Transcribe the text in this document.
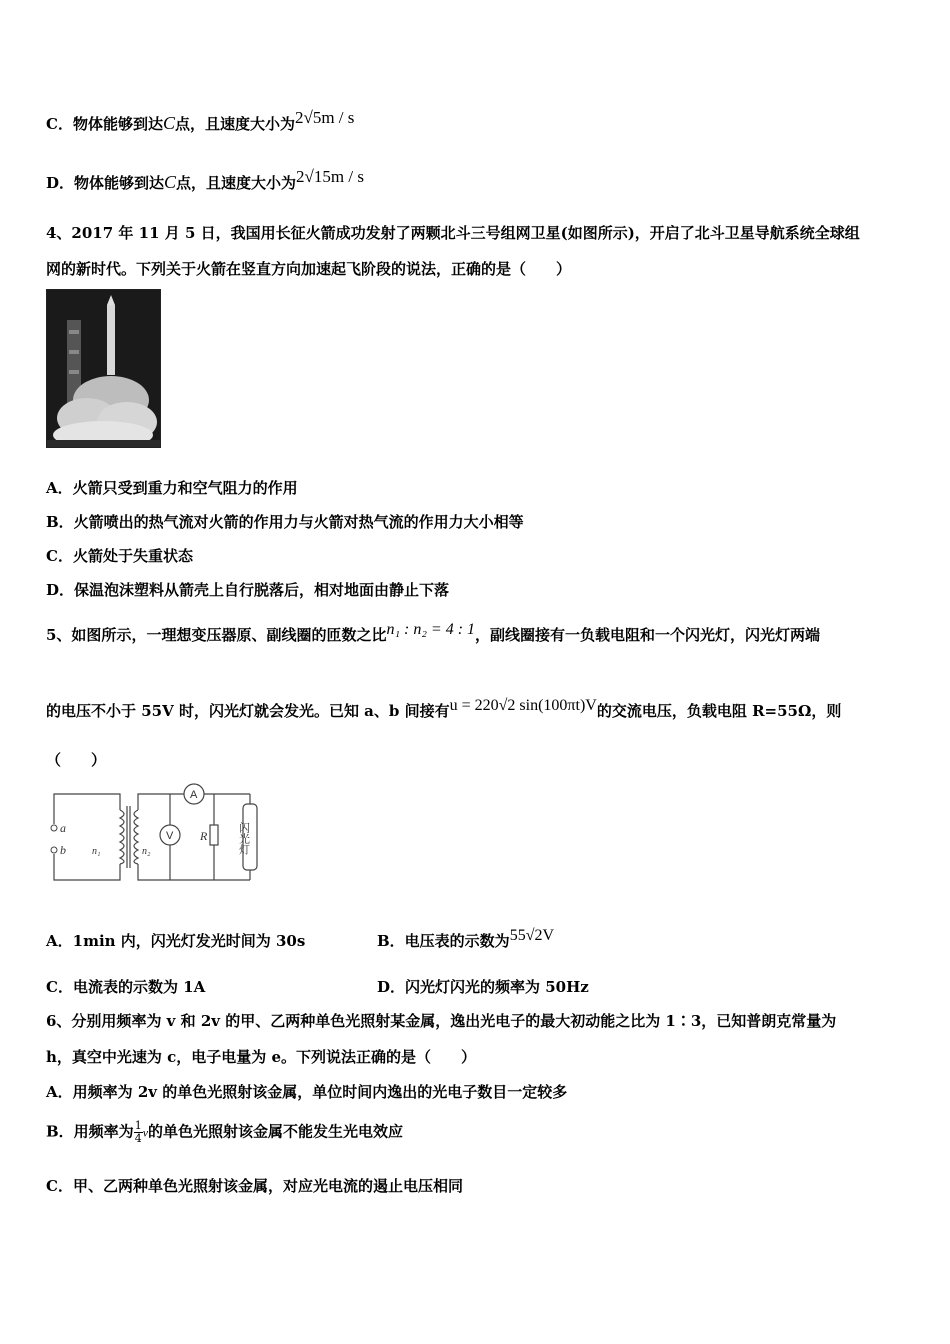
C．物体能够到达C点，且速度大小为2√5m / s
D．物体能够到达C点，且速度大小为2√15m / s
4、2017 年 11 月 5 日，我国用长征火箭成功发射了两颗北斗三号组网卫星(如图所示)，开启了北斗卫星导航系统全球组
网的新时代。下列关于火箭在竖直方向加速起飞阶段的说法，正确的是（　　）
A．火箭只受到重力和空气阻力的作用
B．火箭喷出的热气流对火箭的作用力与火箭对热气流的作用力大小相等
C．火箭处于失重状态
D．保温泡沫塑料从箭壳上自行脱落后，相对地面由静止下落
5、如图所示，一理想变压器原、副线圈的匝数之比n₁ : n₂ = 4 : 1，副线圈接有一负载电阻和一个闪光灯，闪光灯两端
的电压不小于 55V 时，闪光灯就会发光。已知 a、b 间接有u = 220√2 sin(100πt)V的交流电压，负载电阻 R=55Ω，则
（　　）
a
b	n₁	n₂
R
A
V	闪光灯
A．1min 内，闪光灯发光时间为 30s	B．电压表的示数为55√2V
C．电流表的示数为 1A	D．闪光灯闪光的频率为 50Hz
6、分别用频率为 v 和 2v 的甲、乙两种单色光照射某金属，逸出光电子的最大初动能之比为 1∶3，已知普朗克常量为
h，真空中光速为 c，电子电量为 e。下列说法正确的是（　　）
A．用频率为 2v 的单色光照射该金属，单位时间内逸出的光电子数目一定较多
B．用频率为 $\frac{1}{4}$ v的单色光照射该金属不能发生光电效应
C．甲、乙两种单色光照射该金属，对应光电流的遏止电压相同
